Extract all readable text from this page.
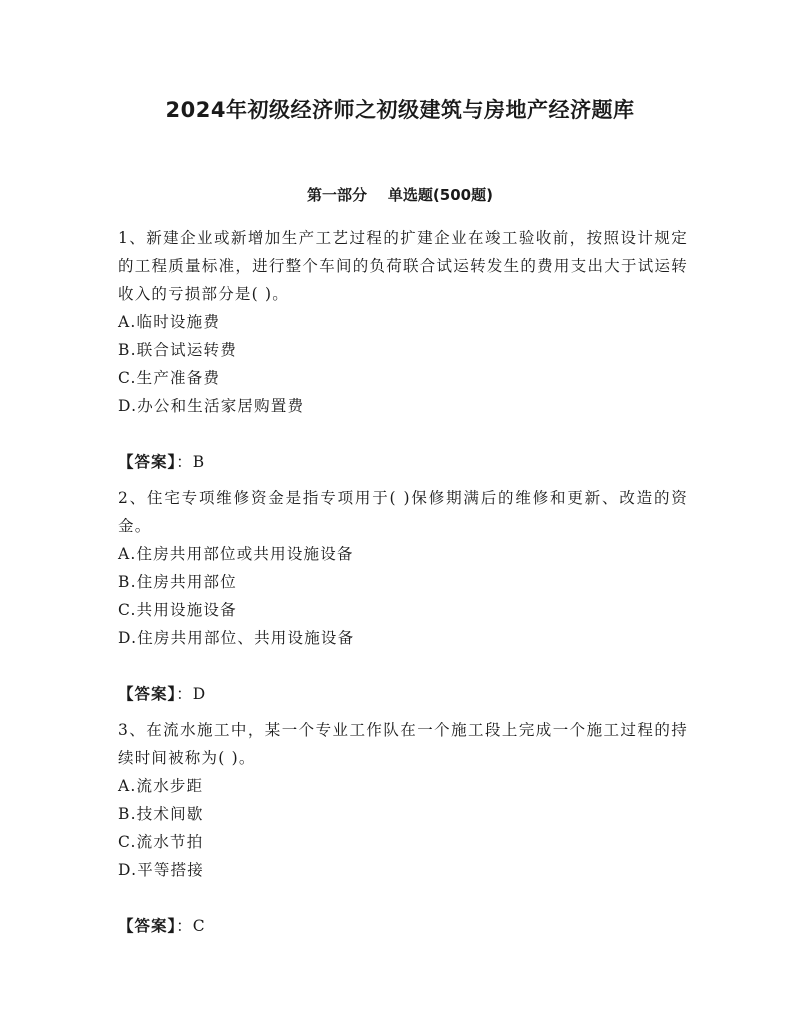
2024年初级经济师之初级建筑与房地产经济题库
第一部分    单选题(500题)

1、新建企业或新增加生产工艺过程的扩建企业在竣工验收前，按照设计规定的工程质量标准，进行整个车间的负荷联合试运转发生的费用支出大于试运转收入的亏损部分是( )。

A.临时设施费

B.联合试运转费

C.生产准备费

D.办公和生活家居购置费

【答案】：B

2、住宅专项维修资金是指专项用于( )保修期满后的维修和更新、改造的资金。

A.住房共用部位或共用设施设备

B.住房共用部位

C.共用设施设备

D.住房共用部位、共用设施设备

【答案】：D

3、在流水施工中，某一个专业工作队在一个施工段上完成一个施工过程的持续时间被称为( )。

A.流水步距

B.技术间歇

C.流水节拍

D.平等搭接

【答案】：C
